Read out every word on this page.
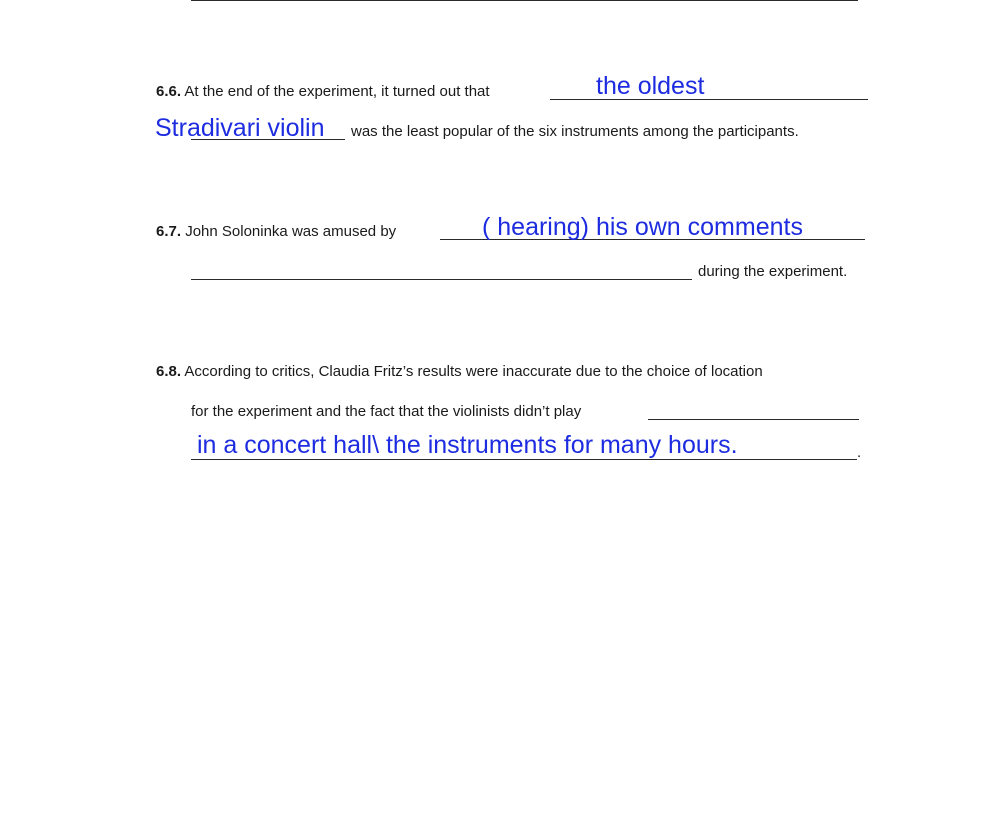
6.6. At the end of the experiment, it turned out that	the oldest
Stradivari violin was the least popular of the six instruments among the participants.
6.7. John Soloninka was amused by	( hearing) his own comments
during the experiment.
6.8. According to critics, Claudia Fritz’s results were inaccurate due to the choice of location
for the experiment and the fact that the violinists didn’t play
in a concert hall\ the instruments for many hours.	.
